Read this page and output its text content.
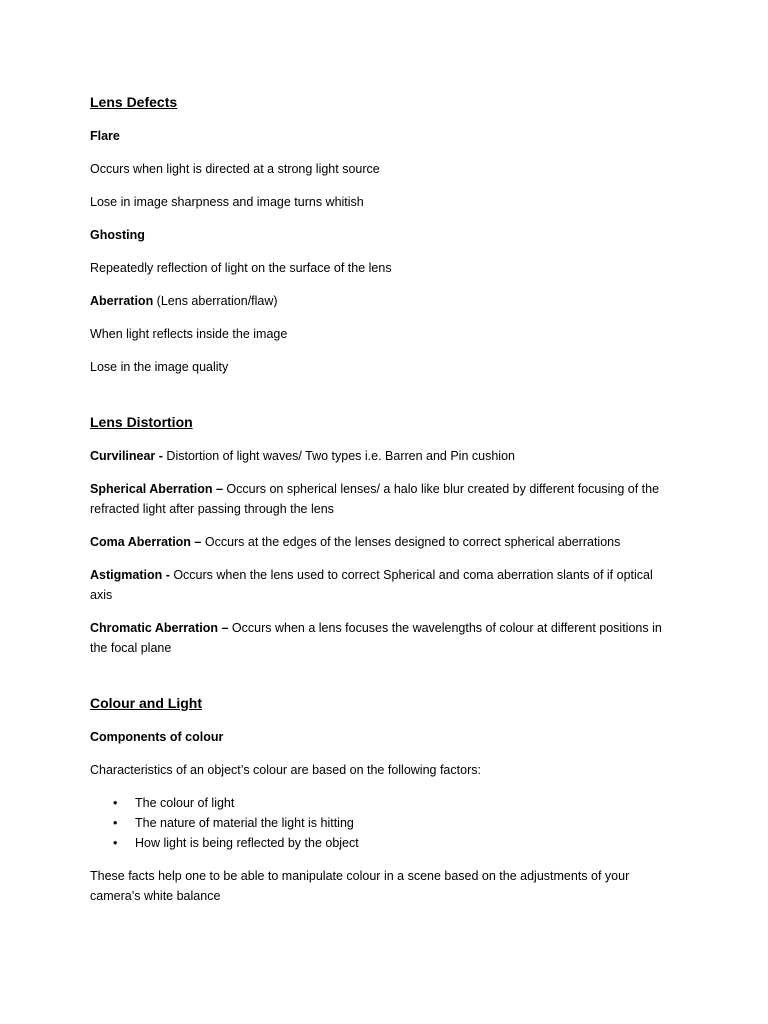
Lens Defects

Flare

Occurs when light is directed at a strong light source

Lose in image sharpness and image turns whitish

Ghosting

Repeatedly reflection of light on the surface of the lens

Aberration (Lens aberration/flaw)

When light reflects inside the image

Lose in the image quality

Lens Distortion

Curvilinear - Distortion of light waves/ Two types i.e. Barren and Pin cushion

Spherical Aberration – Occurs on spherical lenses/ a halo like blur created by different focusing of the refracted light after passing through the lens

Coma Aberration – Occurs at the edges of the lenses designed to correct spherical aberrations

Astigmation - Occurs when the lens used to correct Spherical and coma aberration slants of if optical axis

Chromatic Aberration – Occurs when a lens focuses the wavelengths of colour at different positions in the focal plane

Colour and Light

Components of colour

Characteristics of an object’s colour are based on the following factors:

• The colour of light
• The nature of material the light is hitting
• How light is being reflected by the object

These facts help one to be able to manipulate colour in a scene based on the adjustments of your camera’s white balance
